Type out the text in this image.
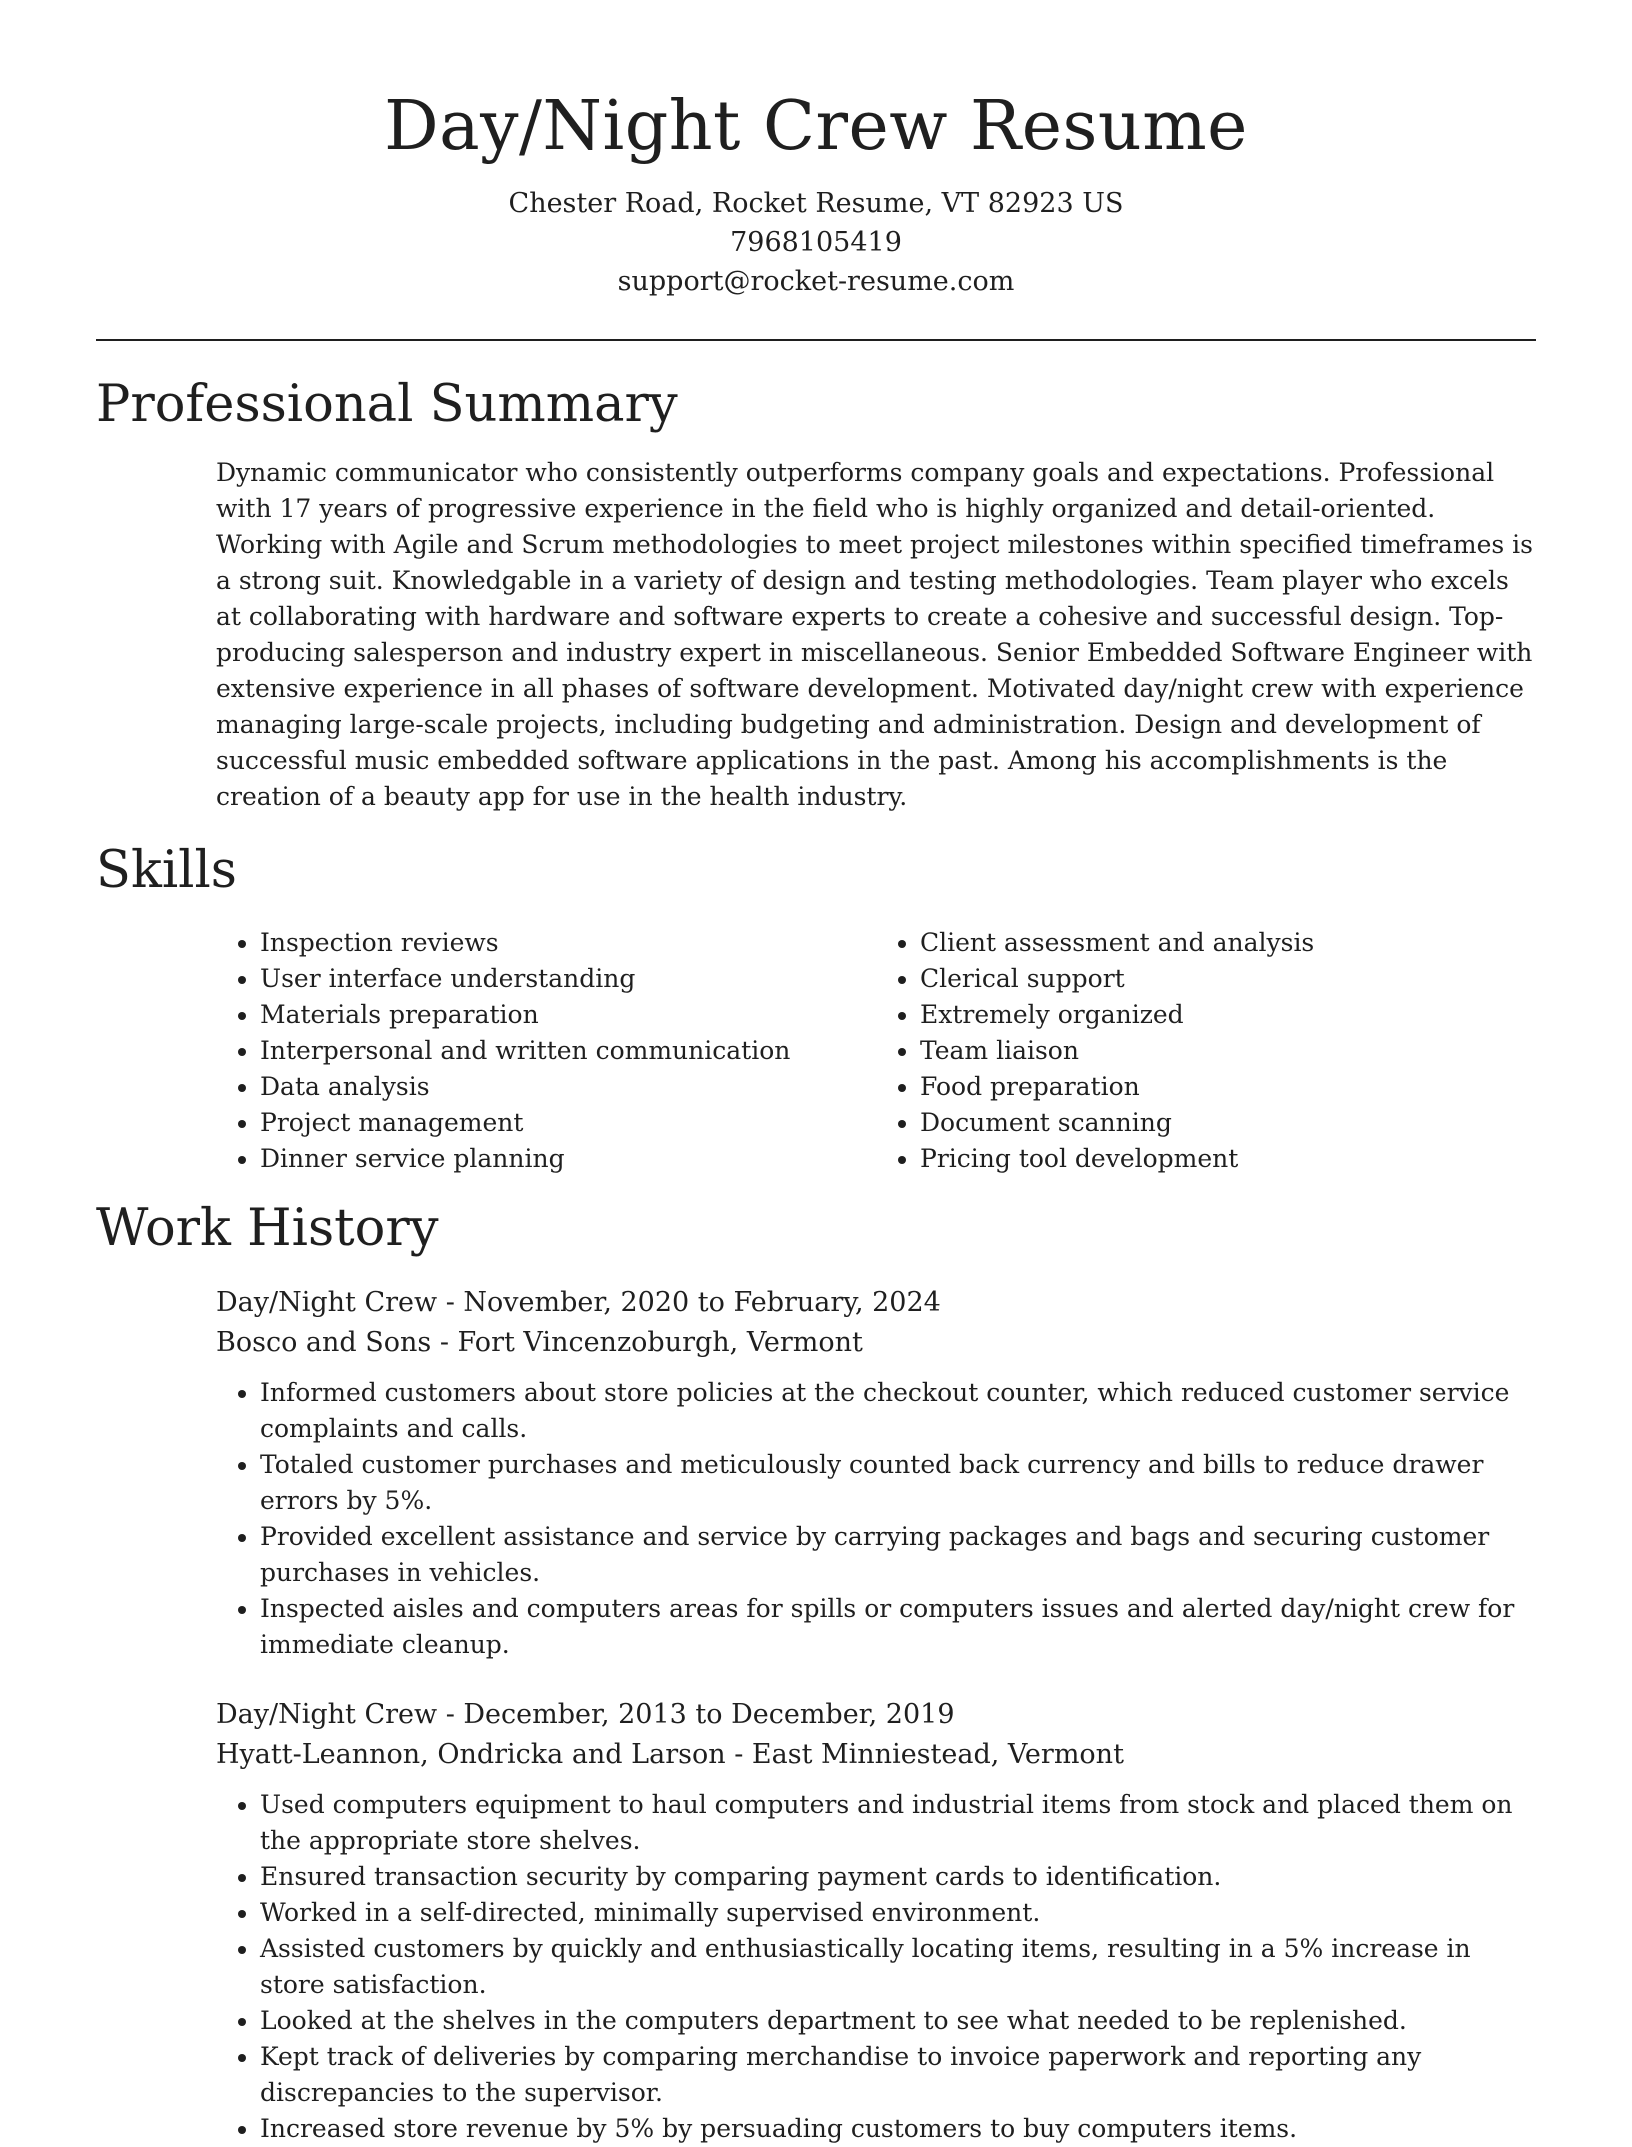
Day/Night Crew Resume

Chester Road, Rocket Resume, VT 82923 US

7968105419

support@rocket-resume.com

Professional Summary

Dynamic communicator who consistently outperforms company goals and expectations. Professional with 17 years of progressive experience in the field who is highly organized and detail-oriented. Working with Agile and Scrum methodologies to meet project milestones within specified timeframes is a strong suit. Knowledgable in a variety of design and testing methodologies. Team player who excels at collaborating with hardware and software experts to create a cohesive and successful design. Top-producing salesperson and industry expert in miscellaneous. Senior Embedded Software Engineer with extensive experience in all phases of software development. Motivated day/night crew with experience managing large-scale projects, including budgeting and administration. Design and development of successful music embedded software applications in the past. Among his accomplishments is the creation of a beauty app for use in the health industry.

Skills
• Inspection reviews
• User interface understanding
• Materials preparation
• Interpersonal and written communication
• Data analysis
• Project management
• Dinner service planning
• Client assessment and analysis
• Clerical support
• Extremely organized
• Team liaison
• Food preparation
• Document scanning
• Pricing tool development
Work History

Day/Night Crew - November, 2020 to February, 2024

Bosco and Sons - Fort Vincenzoburgh, Vermont

• Informed customers about store policies at the checkout counter, which reduced customer service complaints and calls.
• Totaled customer purchases and meticulously counted back currency and bills to reduce drawer errors by 5%.
• Provided excellent assistance and service by carrying packages and bags and securing customer purchases in vehicles.
• Inspected aisles and computers areas for spills or computers issues and alerted day/night crew for immediate cleanup.

Day/Night Crew - December, 2013 to December, 2019

Hyatt-Leannon, Ondricka and Larson - East Minniestead, Vermont

• Used computers equipment to haul computers and industrial items from stock and placed them on the appropriate store shelves.
• Ensured transaction security by comparing payment cards to identification.
• Worked in a self-directed, minimally supervised environment.
• Assisted customers by quickly and enthusiastically locating items, resulting in a 5% increase in store satisfaction.
• Looked at the shelves in the computers department to see what needed to be replenished.
• Kept track of deliveries by comparing merchandise to invoice paperwork and reporting any discrepancies to the supervisor.
• Increased store revenue by 5% by persuading customers to buy computers items.
